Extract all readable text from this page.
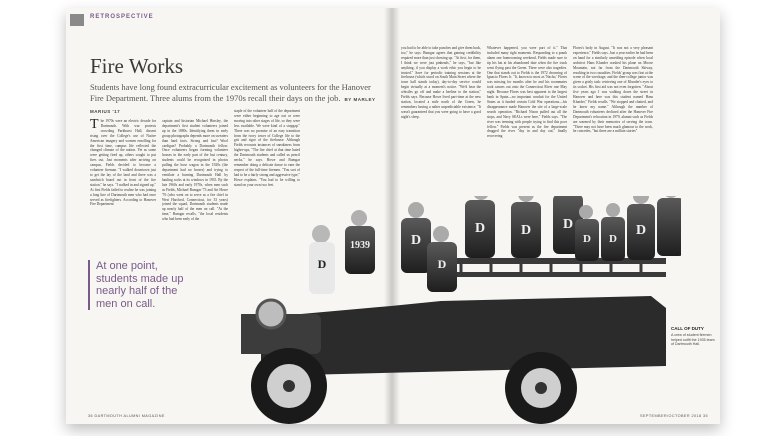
RETROSPECTIVE
Fire Works
Students have long found extracurricular excitement as volunteers for the Hanover Fire Department. Three alums from the 1970s recall their days on the job. BY MARLEY MARIUS '17
The 1970s were an electric decade for Dartmouth. With war protests crowding Parkhurst Hall, dissent rising over the College's use of Native American imagery and women enrolling for the first time, campus life reflected the changed climate of the nation. Yet as some were getting fired up, others sought to put fires out. Just moments after arriving on campus, Fields decided to become a volunteer fireman. "I walked downtown just to get the lay of the land and there was a sandwich board out in front of the fire station," he says. "I walked in and signed up." At first Fields failed to realize he was joining a long line of Dartmouth men who had once served as firefighters. According to Hanover Fire Department
captain and historian Michael Hinsley, the department's first student volunteers joined up in the 1880s. Identifying them in early group photographs depends more on sweaters than hard facts. Strong and fast? Wool cardigan? Probably a Dartmouth fellow. Once volunteers began forming volunteer houses in the early part of the last century, students could be recognized in photos pulling the hose wagon in the 1920s (the department had no horses) and trying to ventilate a burning Dartmouth Hall by hauling rocks at its windows in 1935. By the late 1960s and early 1970s, when men such as Fields, Michael Bumgar '73 and Art Howe '76 (who went on to serve as a fire chief in West Hartford, Connecticut, for 33 years) joined the squad, Dartmouth students made up nearly half of the men on call. "At the time," Bumgar recalls, "the local residents who had been early of the
staple of the volunteer half of the department were either beginning to age out or were moving into other stages of life, so they were less available. We were kind of a stopgap." There was no promise of an easy transition from the ivory tower of College life to the grit and rigor of the firehouse. Although Fields recounts instances of sneakiness from higher-ups, "The fire chief at that time hated the Dartmouth students and called us pencil necks," he says. Howe and Bumgar remember doing a delicate dance to earn the respect of the full-time firemen. "You sort of had to be a fairly strong and aggressive type," Howe explains. "You had to be willing to stand on your own two feet.
At one point, students made up nearly half of the men on call.
36 DARTMOUTH ALUMNI MAGAZINE
you had to be able to take punches and give them back, too," he says. Bumgar agrees that gaining credibility required more than just showing up. "At first, for them, I think we were just pinheads," he says, "but like anything, if you display a work ethic you begin to be trusted." Save for periodic training sessions at the firehouse (which stood on South Main Street where the town hall stands today), day-to-day service would begin virtually at a moment's notice. "We'd hear the whistles go off and make a beeline to the station," Fields says. Because Howe lived part-time at the new station, located a mile north of the Green, he remembers having a rather unpredictable existence. "It wasn't guaranteed that you were going to have a good night's sleep.
Whatever happened, you were part of it." That included many tight moments. Responding to a prank alarm one homecoming weekend, Fields made sure to tip his hat at his abandoned date when the fire truck went flying past the Green. There were also tragedies. One that stands out to Fields is the 1972 drowning of Ignacio Flores Jr. "It, known to most as 'Nacho,' Flores was missing for months after he and his roommates took canoes out onto the Connecticut River one May night. Because Flores was best apparent to the largest bank in Spain—no important conduit for the United States as it funded certain Cold War operations—his disappearance made Hanover the site of a large-scale search operation. "Richard Nixon pulled out all the stops, and Navy SEALs were here," Fields says. "The river was teeming with people trying to find this poor fellow." Fields was present as the fire department dragged the river "day in and day out," finally recovering
Flores's body in August. "It was not a very pleasant experience," Fields says. Just a year earlier he had been on hand for a similarly unsettling episode when local architect Hans Klunder crashed his plane on Moose Mountain, not far from the Dartmouth Skiway, resulting in two casualties. Fields' group was first at the scene of the wreckage, and the then-college junior was given a grisly task: retrieving one of Klunder's eyes to its socket. His first aid was not even forgotten. "About five years ago I was walking down the street in Hanover and here was this student named Hans Klunder," Fields recalls. "We stopped and chatted, and he knew my name." Although the number of Dartmouth volunteers declined after the Hanover Fire Department's relocation in 1979, alumni such as Fields are warmed by their memories of serving the town. "There may not have been much glamour to the work, he concedes, "but there are a million stories"
CALL OF DUTY
A crew of student firemen helped outfit the 1935 team of Dartmouth Hall.
SEPTEMBER/OCTOBER 2018 35
1939	D
D	D D
D D
D
D	D
